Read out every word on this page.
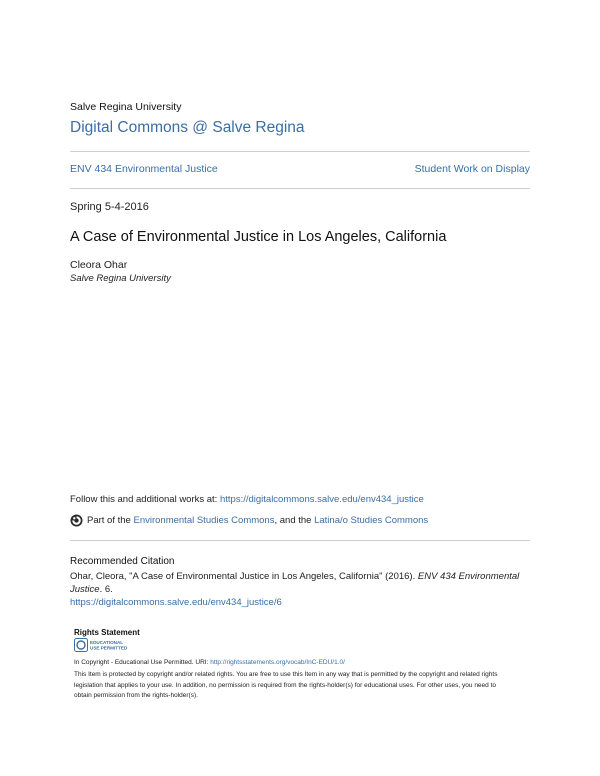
Salve Regina University
Digital Commons @ Salve Regina
ENV 434 Environmental Justice	Student Work on Display
Spring 5-4-2016
A Case of Environmental Justice in Los Angeles, California
Cleora Ohar
Salve Regina University
Follow this and additional works at: https://digitalcommons.salve.edu/env434_justice
Part of the
Environmental Studies Commons , and the
Latina/o Studies Commons
Recommended Citation
Ohar, Cleora, "A Case of Environmental Justice in Los Angeles, California" (2016). ENV 434 Environmental Justice. 6.
https://digitalcommons.salve.edu/env434_justice/6
Rights Statement
EDUCATIONAL
USE PERMITTED
In Copyright - Educational Use Permitted. URI: http://rightsstatements.org/vocab/InC-EDU/1.0/
This Item is protected by copyright and/or related rights. You are free to use this Item in any way that is permitted by the copyright and related rights legislation that applies to your use. In addition, no permission is required from the rights-holder(s) for educational uses. For other uses, you need to obtain permission from the rights-holder(s).
